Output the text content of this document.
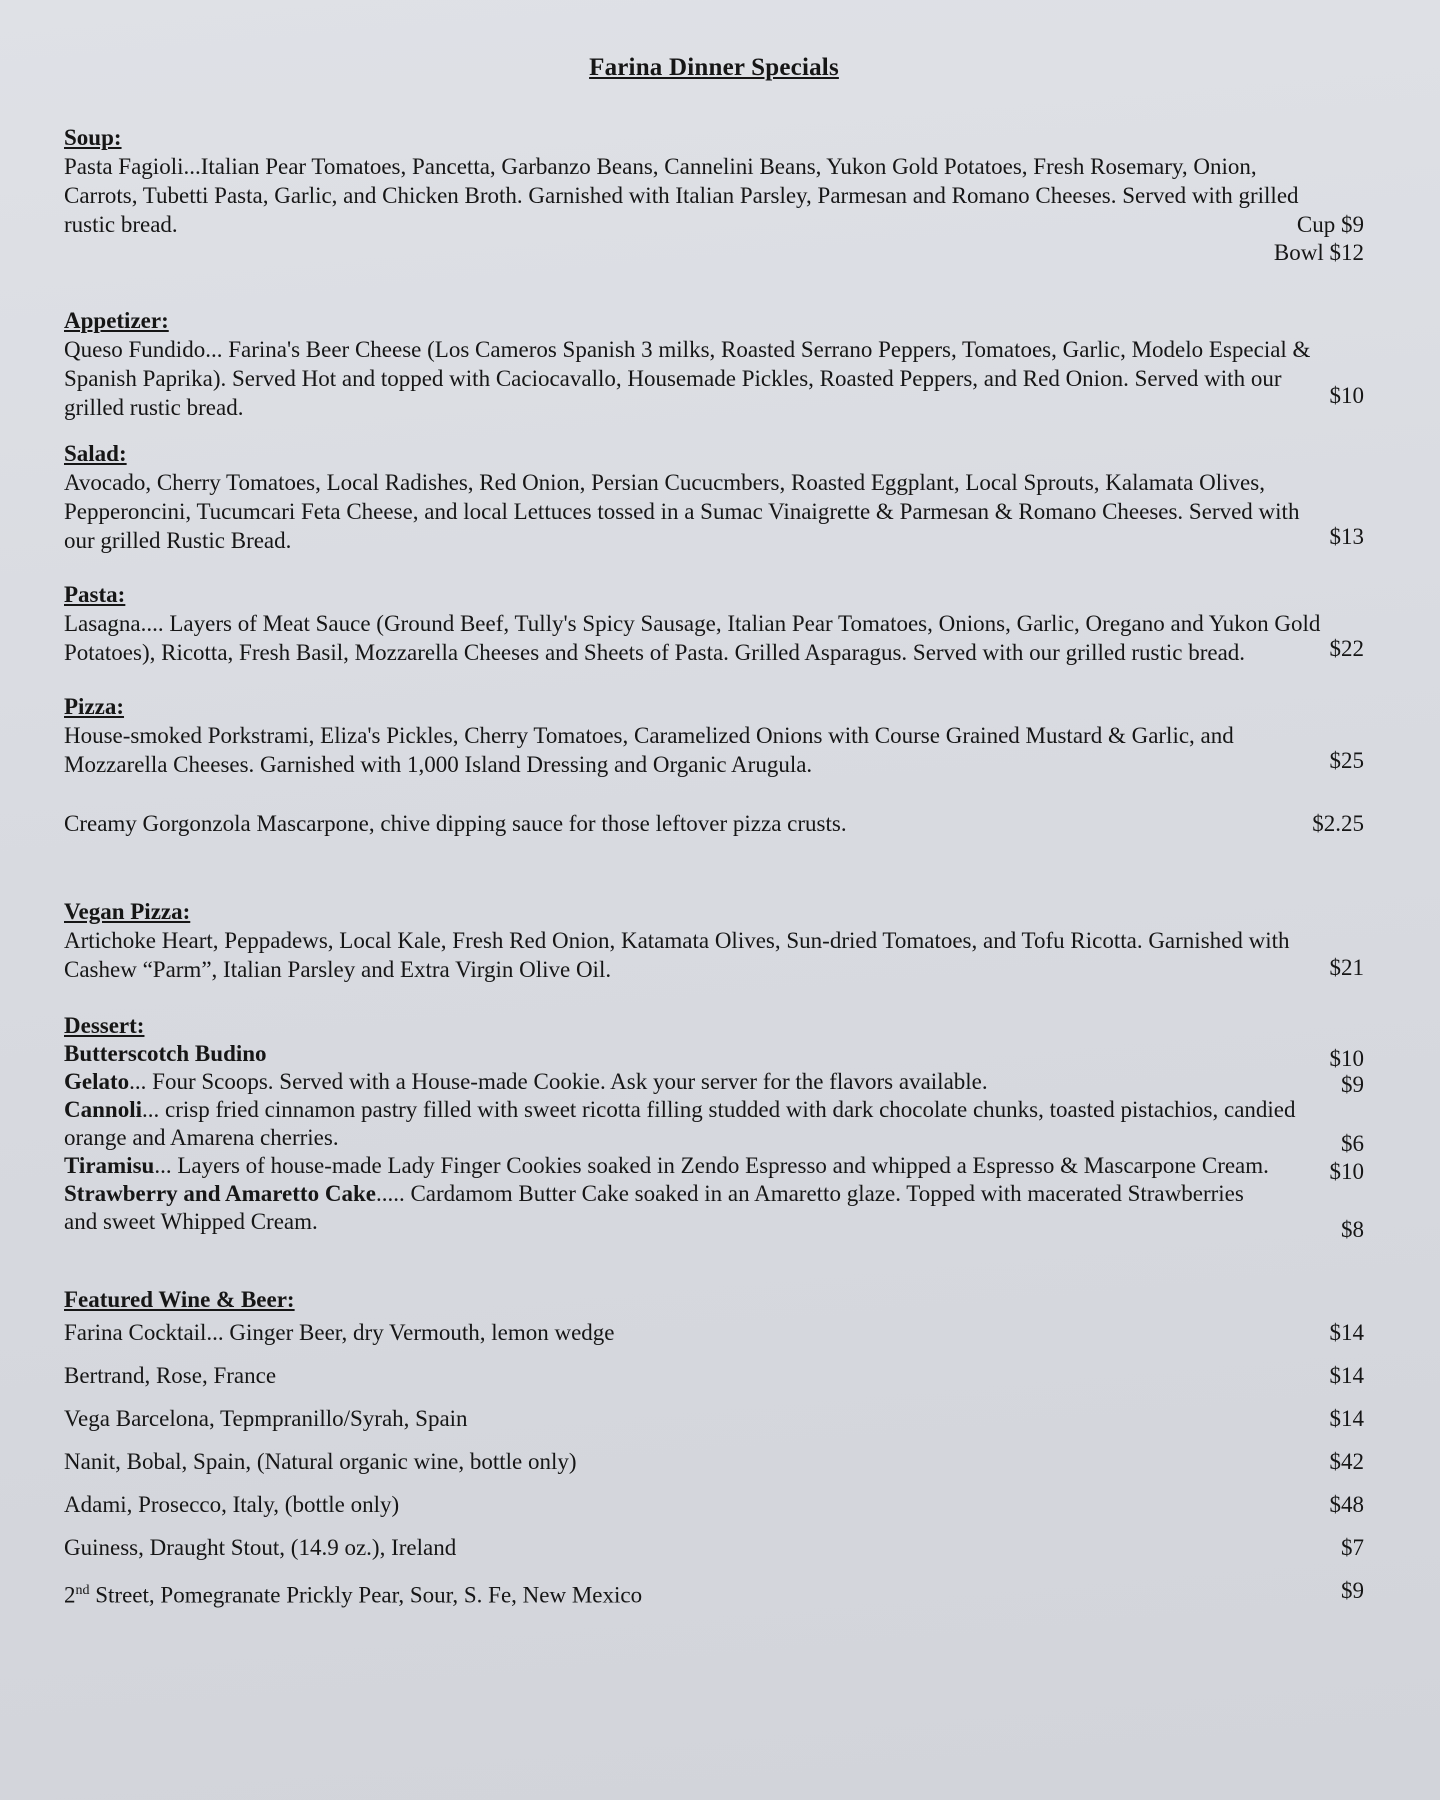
Farina Dinner Specials
Soup:

Pasta Fagioli...Italian Pear Tomatoes, Pancetta, Garbanzo Beans, Cannelini Beans, Yukon Gold Potatoes, Fresh Rosemary, Onion, Carrots, Tubetti Pasta, Garlic, and Chicken Broth. Garnished with Italian Parsley, Parmesan and Romano Cheeses. Served with grilled rustic bread.	Cup $9
Bowl $12
Appetizer:

Queso Fundido... Farina's Beer Cheese (Los Cameros Spanish 3 milks, Roasted Serrano Peppers, Tomatoes, Garlic, Modelo Especial & Spanish Paprika). Served Hot and topped with Caciocavallo, Housemade Pickles, Roasted Peppers, and Red Onion. Served with our grilled rustic bread.	$10
Salad:

Avocado, Cherry Tomatoes, Local Radishes, Red Onion, Persian Cucucmbers, Roasted Eggplant, Local Sprouts, Kalamata Olives, Pepperoncini, Tucumcari Feta Cheese, and local Lettuces tossed in a Sumac Vinaigrette & Parmesan & Romano Cheeses. Served with our grilled Rustic Bread.	$13
Pasta:

Lasagna.... Layers of Meat Sauce (Ground Beef, Tully's Spicy Sausage, Italian Pear Tomatoes, Onions, Garlic, Oregano and Yukon Gold Potatoes), Ricotta, Fresh Basil, Mozzarella Cheeses and Sheets of Pasta. Grilled Asparagus. Served with our grilled rustic bread.	$22
Pizza:

House-smoked Porkstrami, Eliza's Pickles, Cherry Tomatoes, Caramelized Onions with Course Grained Mustard & Garlic, and Mozzarella Cheeses. Garnished with 1,000 Island Dressing and Organic Arugula.	$25
Creamy Gorgonzola Mascarpone, chive dipping sauce for those leftover pizza crusts.	$2.25
Vegan Pizza:

Artichoke Heart, Peppadews, Local Kale, Fresh Red Onion, Katamata Olives, Sun-dried Tomatoes, and Tofu Ricotta. Garnished with Cashew “Parm”, Italian Parsley and Extra Virgin Olive Oil.	$21
Dessert:
Butterscotch Budino	$10
Gelato... Four Scoops. Served with a House-made Cookie. Ask your server for the flavors available.	$9
Cannoli... crisp fried cinnamon pastry filled with sweet ricotta filling studded with dark chocolate chunks, toasted pistachios, candied orange and Amarena cherries.	$6
Tiramisu... Layers of house-made Lady Finger Cookies soaked in Zendo Espresso and whipped a Espresso & Mascarpone Cream.	$10
Strawberry and Amaretto Cake..... Cardamom Butter Cake soaked in an Amaretto glaze. Topped with macerated Strawberries and sweet Whipped Cream.	$8
Featured Wine & Beer:
Farina Cocktail... Ginger Beer, dry Vermouth, lemon wedge	$14
Bertrand, Rose, France	$14
Vega Barcelona, Tepmpranillo/Syrah, Spain	$14
Nanit, Bobal, Spain, (Natural organic wine, bottle only)	$42
Adami, Prosecco, Italy, (bottle only)	$48
Guiness, Draught Stout, (14.9 oz.), Ireland	$7
2nd Street, Pomegranate Prickly Pear, Sour, S. Fe, New Mexico	$9
